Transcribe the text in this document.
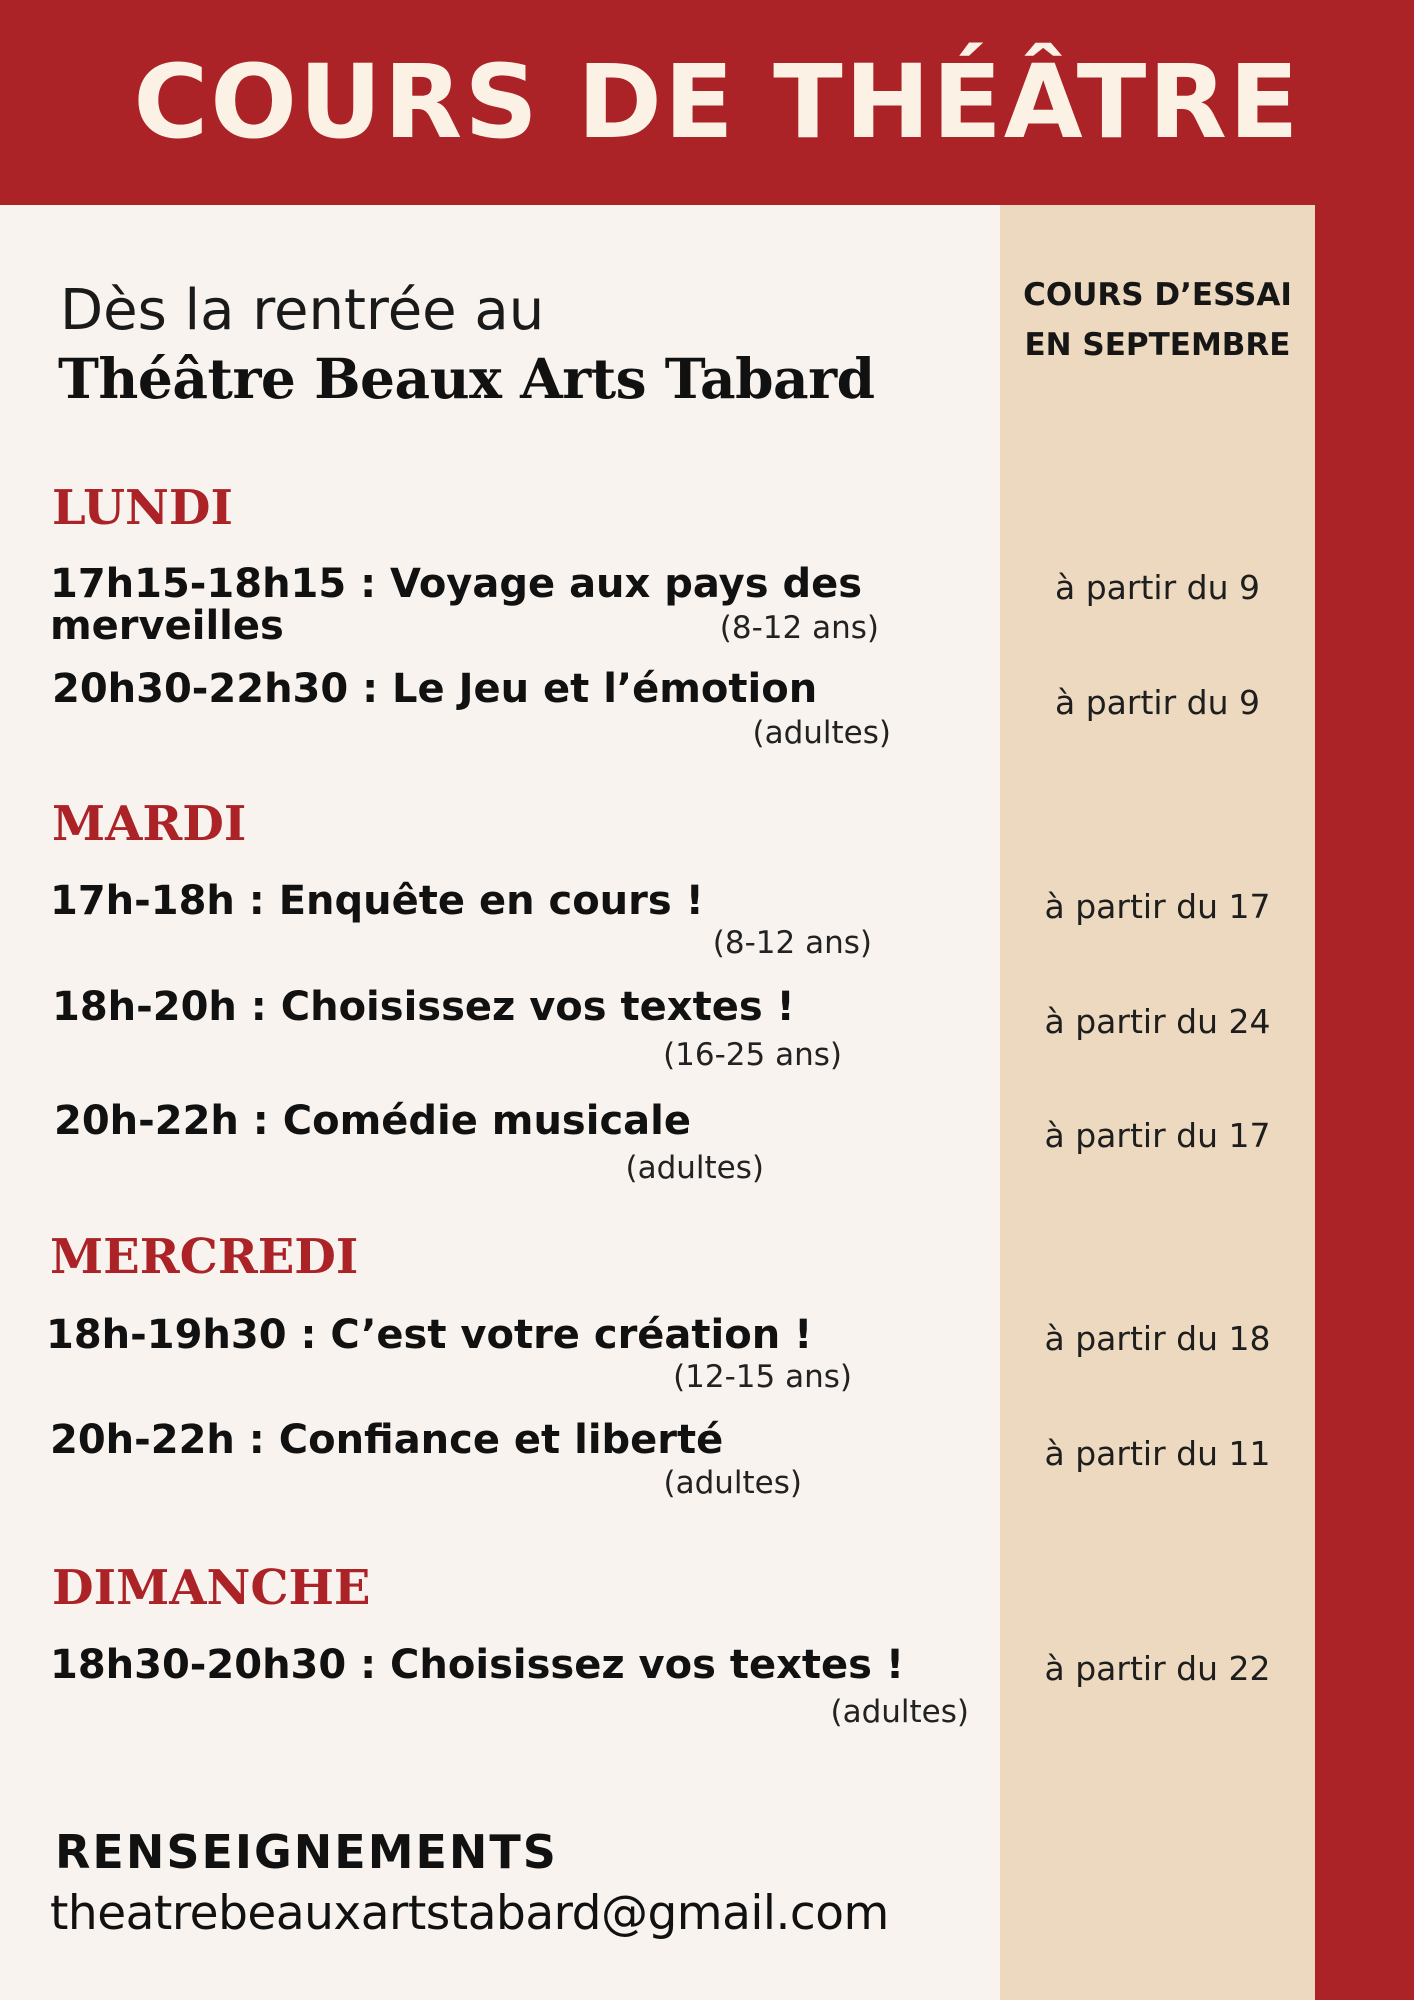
COURS DE THÉÂTRE
Dès la rentrée au
Théâtre Beaux Arts Tabard
COURS D’ESSAI
EN SEPTEMBRE
LUNDI
17h15-18h15 : Voyage aux pays des merveilles	(8-12 ans)
à partir du 9
20h30-22h30 : Le Jeu et l’émotion
(adultes)
à partir du 9
MARDI
17h-18h : Enquête en cours !
(8-12 ans)
à partir du 17
18h-20h : Choisissez vos textes !
(16-25 ans)
à partir du 24
20h-22h : Comédie musicale
(adultes)
à partir du 17
MERCREDI
18h-19h30 : C’est votre création !
(12-15 ans)
à partir du 18
20h-22h : Confiance et liberté
(adultes)
à partir du 11
DIMANCHE
18h30-20h30 : Choisissez vos textes !
(adultes)
à partir du 22
RENSEIGNEMENTS
theatrebeauxartstabard@gmail.com
